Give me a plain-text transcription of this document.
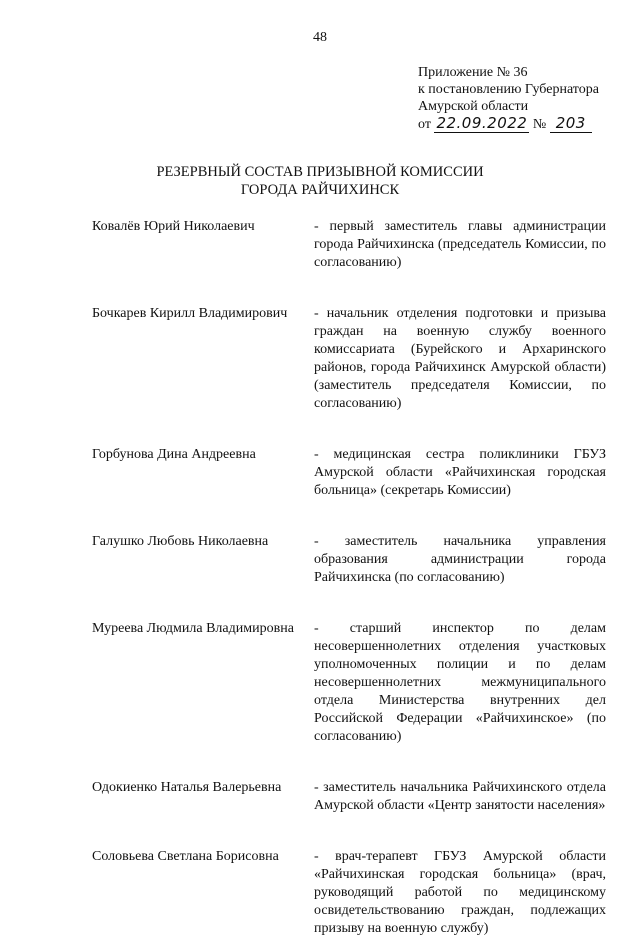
48
Приложение № 36
к постановлению Губернатора
Амурской области
от 22.09.2022 № 203
РЕЗЕРВНЫЙ СОСТАВ ПРИЗЫВНОЙ КОМИССИИ
ГОРОДА РАЙЧИХИНСК
Ковалёв Юрий Николаевич	- первый заместитель главы администрации города Райчихинска (председатель Комиссии, по согласованию)
Бочкарев Кирилл Владимирович	- начальник отделения подготовки и призыва граждан на военную службу военного комиссариата (Бурейского и Архаринского районов, города Райчихинск Амурской области) (заместитель председателя Комиссии, по согласованию)
Горбунова Дина Андреевна	- медицинская сестра поликлиники ГБУЗ Амурской области «Райчихинская городская больница» (секретарь Комиссии)
Галушко Любовь Николаевна	- заместитель начальника управления образования администрации города Райчихинска (по согласованию)
Муреева Людмила Владимировна	- старший инспектор по делам несовершеннолетних отделения участковых уполномоченных полиции и по делам несовершеннолетних межмуниципального отдела Министерства внутренних дел Российской Федерации «Райчихинское» (по согласованию)
Одокиенко Наталья Валерьевна	- заместитель начальника Райчихинского отдела Амурской области «Центр занятости населения»
Соловьева Светлана Борисовна	- врач-терапевт ГБУЗ Амурской области «Райчихинская городская больница» (врач, руководящий работой по медицинскому освидетельствованию граждан, подлежащих призыву на военную службу)
